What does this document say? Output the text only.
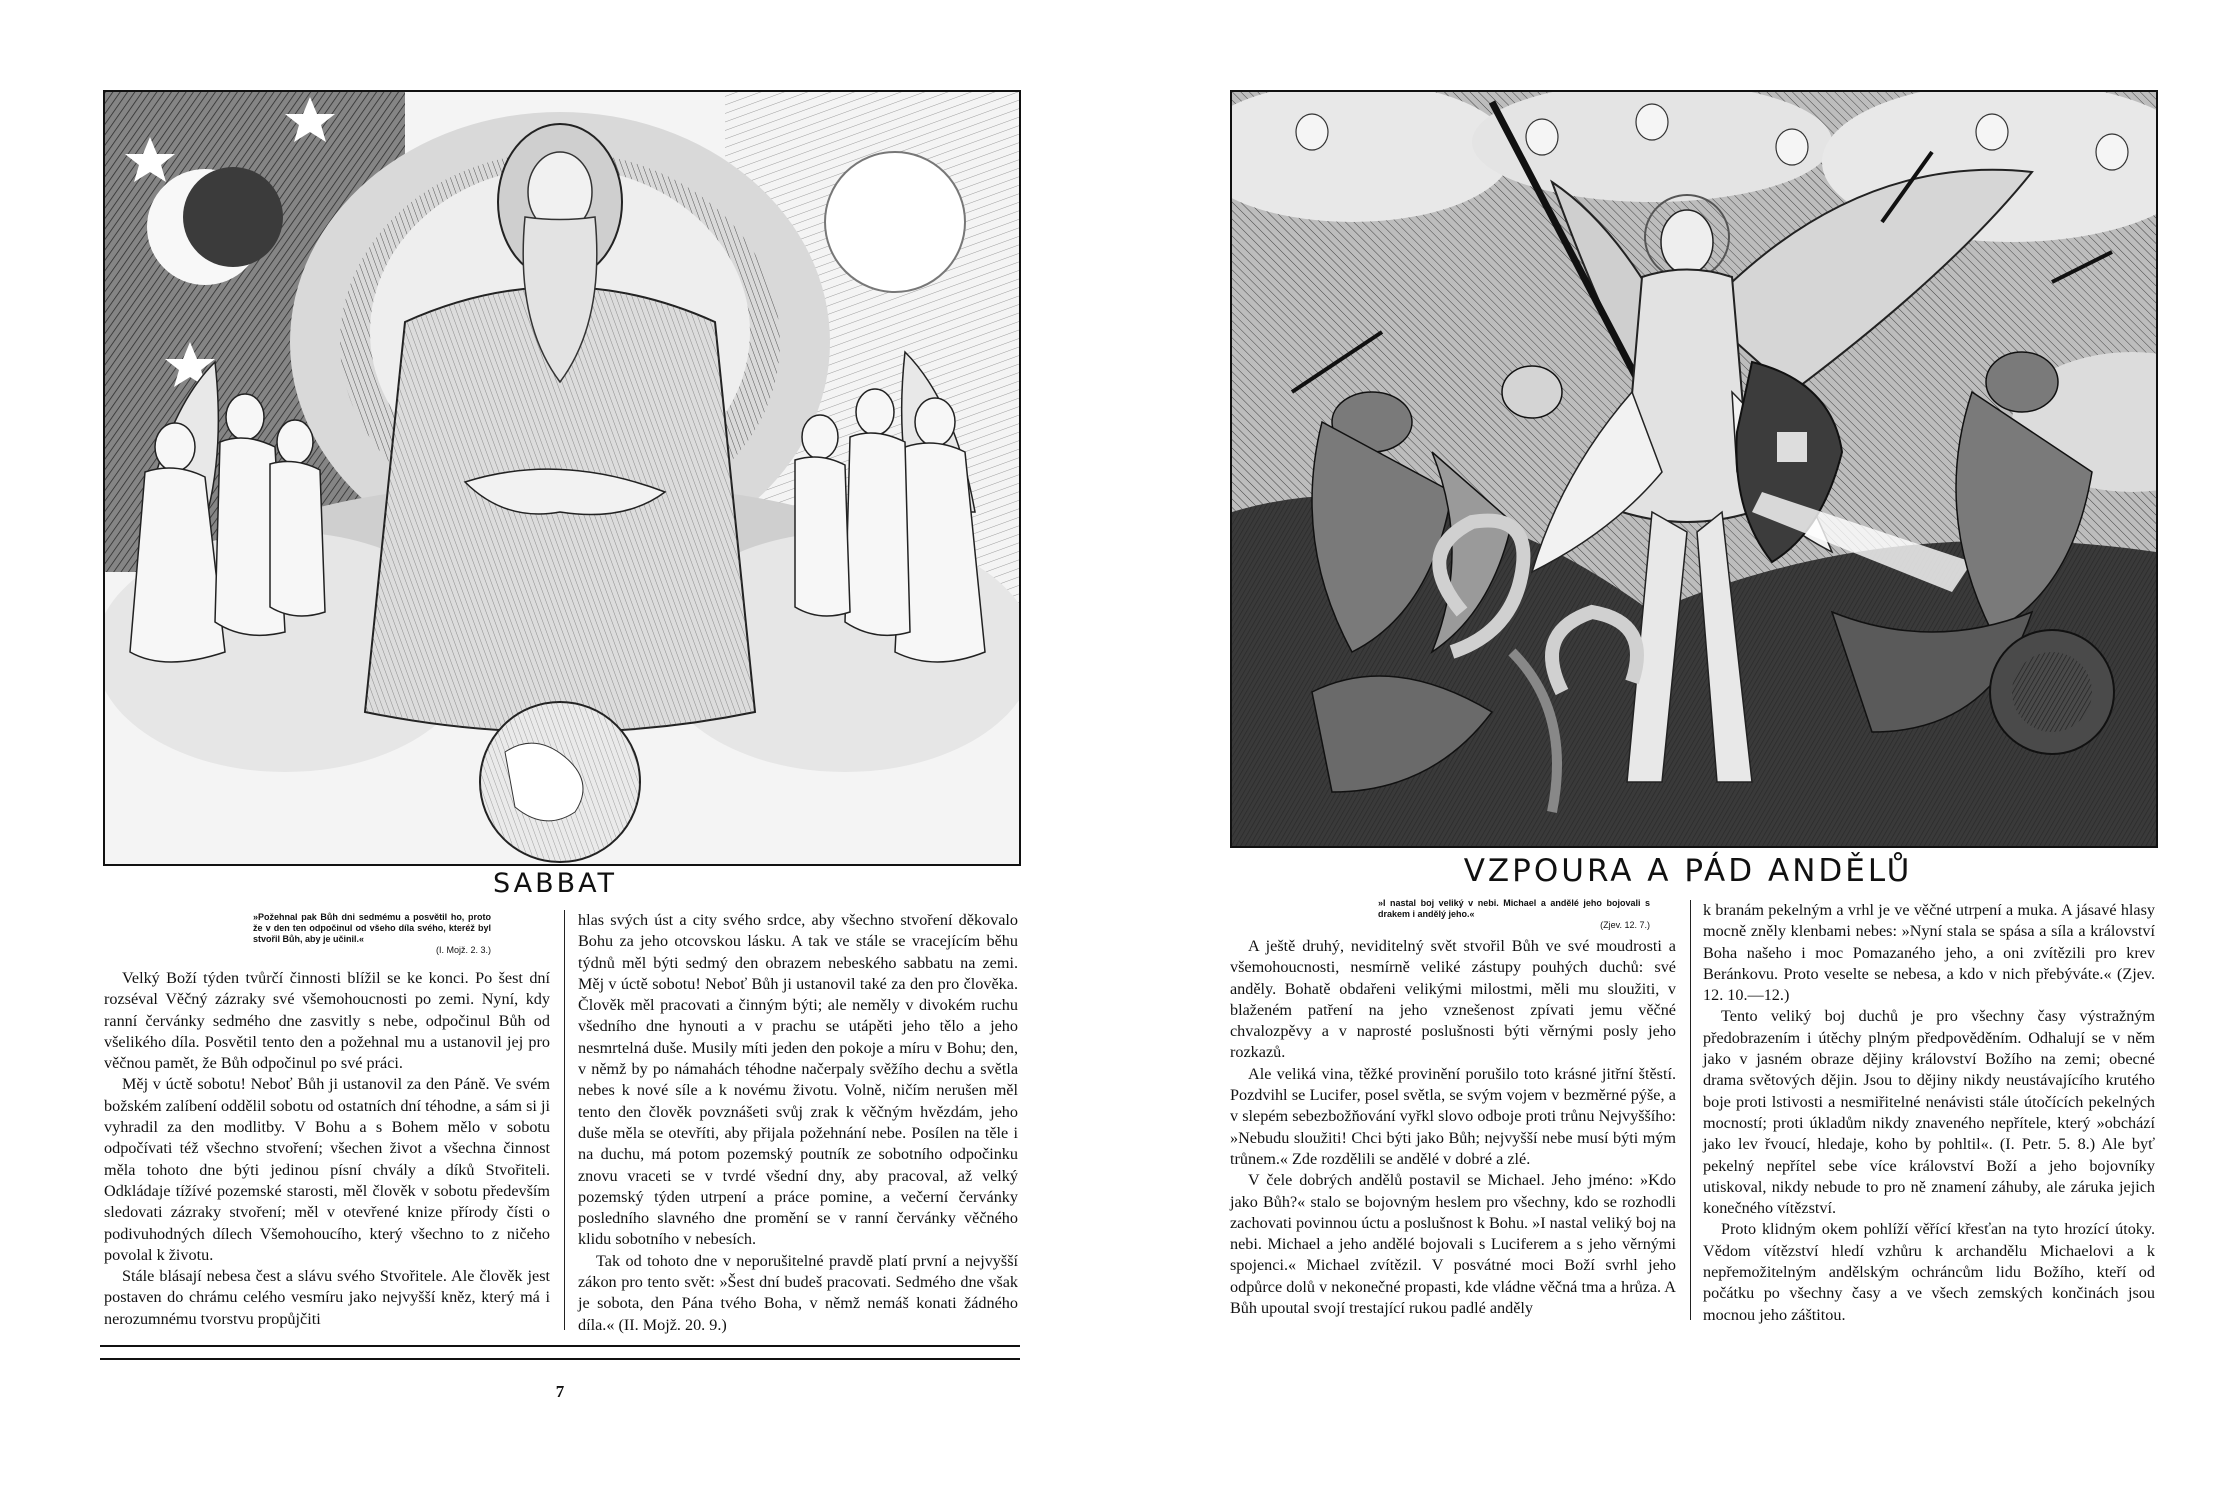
SABBAT
»Požehnal pak Bůh dni sedmému a posvětil ho, proto že v den ten odpočinul od všeho díla svého, kteréž byl stvořil Bůh, aby je učinil.«
(I. Mojž. 2. 3.)

Velký Boží týden tvůrčí činnosti blížil se ke konci. Po šest dní rozséval Věčný zázraky své všemohoucnosti po zemi. Nyní, kdy ranní červánky sedmého dne zasvitly s nebe, odpočinul Bůh od všelikého díla. Posvětil tento den a požehnal mu a ustanovil jej pro věčnou pamět, že Bůh odpočinul po své práci.

Měj v úctě sobotu! Neboť Bůh ji ustanovil za den Páně. Ve svém božském zalíbení oddělil sobotu od ostatních dní téhodne, a sám si ji vyhradil za den modlitby. V Bohu a s Bohem mělo v sobotu odpočívati též všechno stvoření; všechen život a všechna činnost měla tohoto dne býti jedinou písní chvály a díků Stvořiteli. Odkládaje tížívé pozemské starosti, měl člověk v sobotu především sledovati zázraky stvoření; měl v otevřené knize přírody čísti o podivuhodných dílech Všemohoucího, který všechno to z ničeho povolal k životu.

Stále blásají nebesa čest a slávu svého Stvořitele. Ale člověk jest postaven do chrámu celého vesmíru jako nejvyšší kněz, který má i nerozumnému tvorstvu propůjčiti

hlas svých úst a city svého srdce, aby všechno stvoření děkovalo Bohu za jeho otcovskou lásku. A tak ve stále se vracejícím běhu týdnů měl býti sedmý den obrazem nebeského sabbatu na zemi. Měj v úctě sobotu! Neboť Bůh ji ustanovil také za den pro člověka. Člověk měl pracovati a činným býti; ale neměly v divokém ruchu všedního dne hynouti a v prachu se utápěti jeho tělo a jeho nesmrtelná duše. Musily míti jeden den pokoje a míru v Bohu; den, v němž by po námahách téhodne načerpaly svěžího dechu a světla nebes k nové síle a k novému životu. Volně, ničím nerušen měl tento den člověk povznášeti svůj zrak k věčným hvězdám, jeho duše měla se otevříti, aby přijala požehnání nebe. Posílen na těle i na duchu, má potom pozemský poutník ze sobotního odpočinku znovu vraceti se v tvrdé všední dny, aby pracoval, až velký pozemský týden utrpení a práce pomine, a večerní červánky posledního slavného dne promění se v ranní červánky věčného klidu sobotního v nebesích.

Tak od tohoto dne v neporušitelné pravdě platí první a nejvyšší zákon pro tento svět: »Šest dní budeš pracovati. Sedmého dne však je sobota, den Pána tvého Boha, v němž nemáš konati žádného díla.« (II. Mojž. 20. 9.)

7
VZPOURA A PÁD ANDĚLŮ
»I nastal boj veliký v nebi. Michael a andělé jeho bojovali s drakem i andělý jeho.«
(Zjev. 12. 7.)

A ještě druhý, neviditelný svět stvořil Bůh ve své moudrosti a všemohoucnosti, nesmírně veliké zástupy pouhých duchů: své anděly. Bohatě obdařeni velikými milostmi, měli mu sloužiti, v blaženém patření na jeho vznešenost zpívati jemu věčné chvalozpěvy a v naprosté poslušnosti býti věrnými posly jeho rozkazů.

Ale veliká vina, těžké provinění porušilo toto krásné jitřní štěstí. Pozdvihl se Lucifer, posel světla, se svým vojem v bezměrné pýše, a v slepém sebezbožňování vyřkl slovo odboje proti trůnu Nejvyššího: »Nebudu sloužiti! Chci býti jako Bůh; nejvyšší nebe musí býti mým trůnem.« Zde rozdělili se andělé v dobré a zlé.

V čele dobrých andělů postavil se Michael. Jeho jméno: »Kdo jako Bůh?« stalo se bojovným heslem pro všechny, kdo se rozhodli zachovati povinnou úctu a poslušnost k Bohu. »I nastal veliký boj na nebi. Michael a jeho andělé bojovali s Luciferem a s jeho věrnými spojenci.« Michael zvítězil. V posvátné moci Boží svrhl jeho odpůrce dolů v nekonečné propasti, kde vládne věčná tma a hrůza. A Bůh upoutal svojí trestající rukou padlé anděly

k branám pekelným a vrhl je ve věčné utrpení a muka. A jásavé hlasy mocně zněly klenbami nebes: »Nyní stala se spása a síla a království Boha našeho i moc Pomazaného jeho, a oni zvítězili pro krev Beránkovu. Proto veselte se nebesa, a kdo v nich přebýváte.« (Zjev. 12. 10.—12.)

Tento veliký boj duchů je pro všechny časy výstražným předobrazením i útěchy plným předpověděním. Odhalují se v něm jako v jasném obraze dějiny království Božího na zemi; obecné drama světových dějin. Jsou to dějiny nikdy neustávajícího krutého boje proti lstivosti a nesmiřitelné nenávisti stále útočících pekelných mocností; proti úkladům nikdy znaveného nepřítele, který »obchází jako lev řvoucí, hledaje, koho by pohltil«. (I. Petr. 5. 8.) Ale byť pekelný nepřítel sebe více království Boží a jeho bojovníky utiskoval, nikdy nebude to pro ně znamení záhuby, ale záruka jejich konečného vítězství.

Proto klidným okem pohlíží věřící křesťan na tyto hrozící útoky. Vědom vítězství hledí vzhůru k archandělu Michaelovi a k nepřemožitelným andělským ochráncům lidu Božího, kteří od počátku po všechny časy a ve všech zemských končinách jsou mocnou jeho záštitou.
